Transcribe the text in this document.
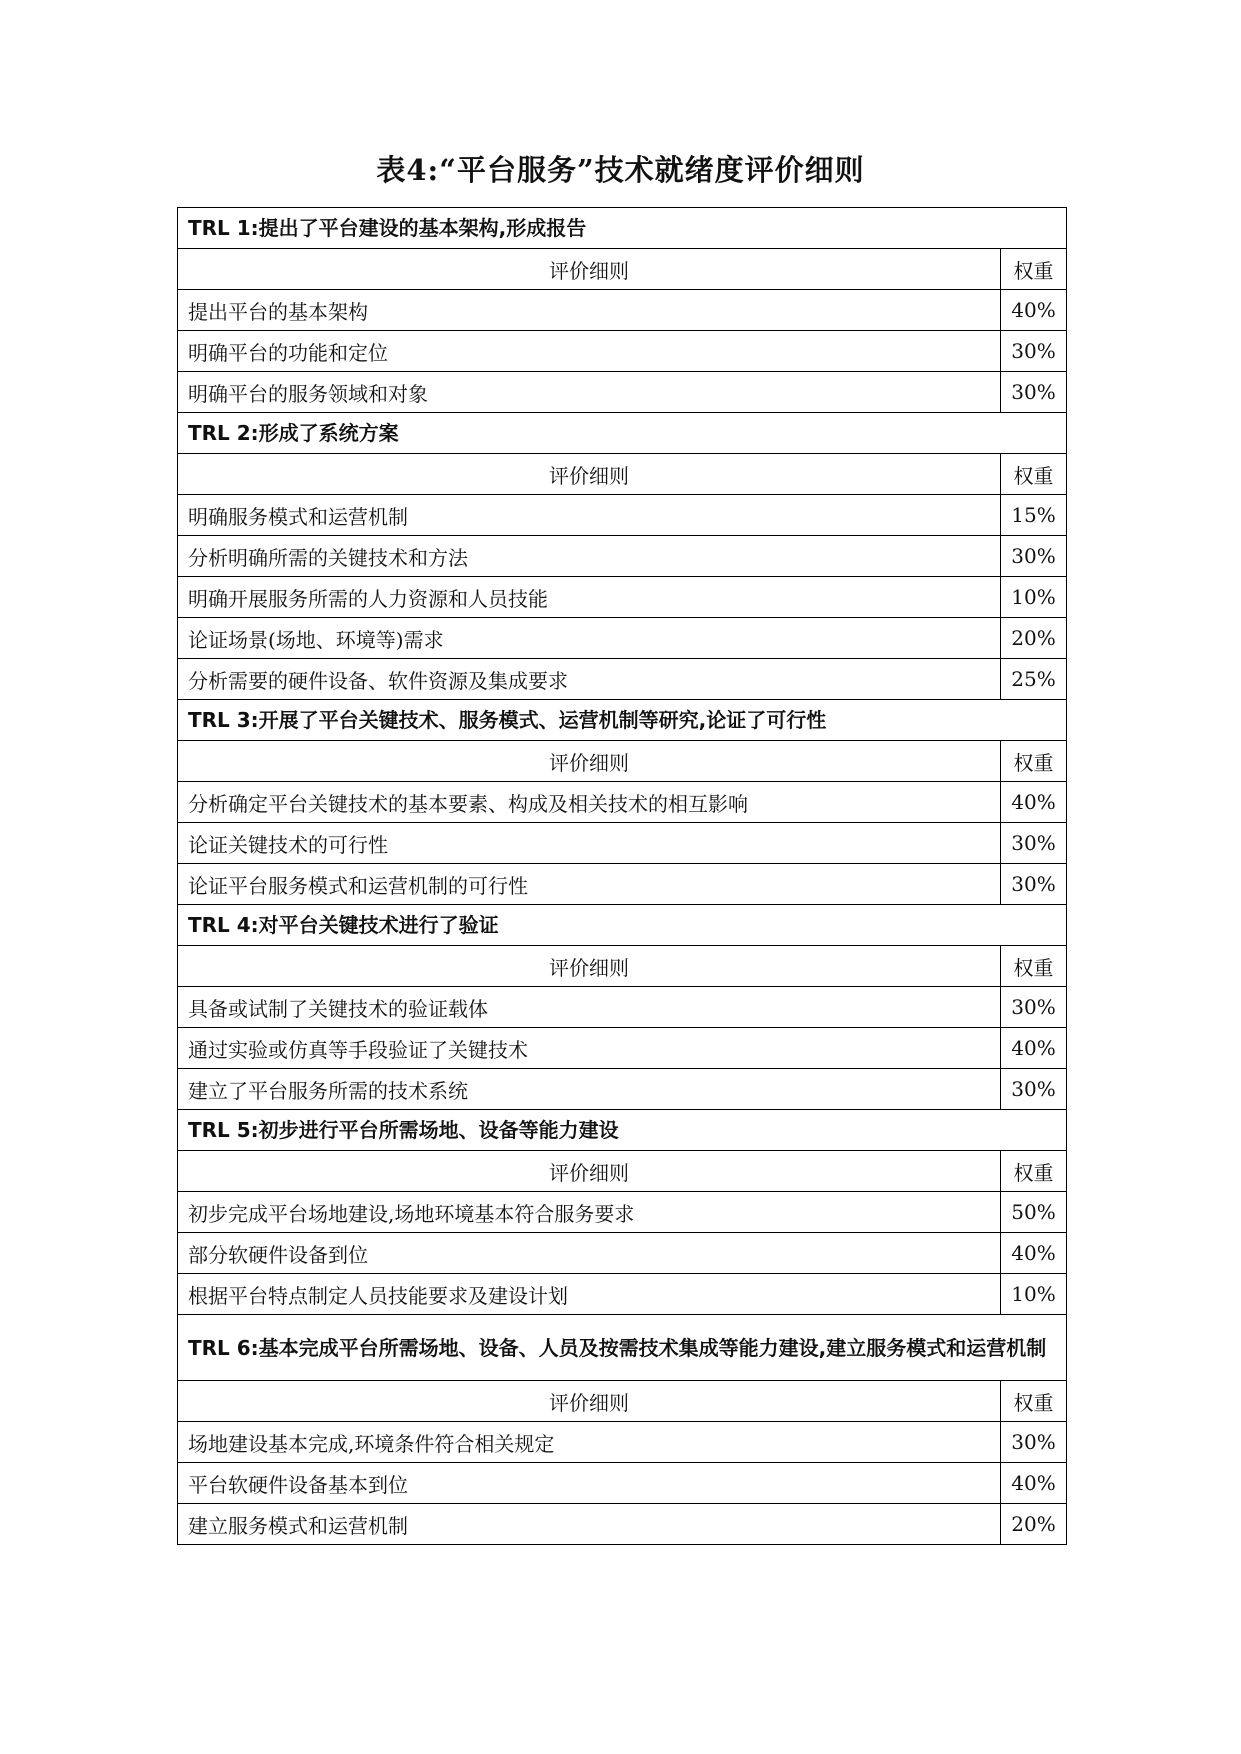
表4:“平台服务”技术就绪度评价细则
TRL 1:提出了平台建设的基本架构,形成报告	
评价细则	权重
提出平台的基本架构	40%
明确平台的功能和定位	30%
明确平台的服务领域和对象	30%
TRL 2:形成了系统方案	
评价细则	权重
明确服务模式和运营机制	15%
分析明确所需的关键技术和方法	30%
明确开展服务所需的人力资源和人员技能	10%
论证场景(场地、环境等)需求	20%
分析需要的硬件设备、软件资源及集成要求	25%
TRL 3:开展了平台关键技术、服务模式、运营机制等研究,论证了可行性	
评价细则	权重
分析确定平台关键技术的基本要素、构成及相关技术的相互影响	40%
论证关键技术的可行性	30%
论证平台服务模式和运营机制的可行性	30%
TRL 4:对平台关键技术进行了验证	
评价细则	权重
具备或试制了关键技术的验证载体	30%
通过实验或仿真等手段验证了关键技术	40%
建立了平台服务所需的技术系统	30%
TRL 5:初步进行平台所需场地、设备等能力建设	
评价细则	权重
初步完成平台场地建设,场地环境基本符合服务要求	50%
部分软硬件设备到位	40%
根据平台特点制定人员技能要求及建设计划	10%
TRL 6:基本完成平台所需场地、设备、人员及按需技术集成等能力建设,建立服务模式和运营机制	
评价细则	权重
场地建设基本完成,环境条件符合相关规定	30%
平台软硬件设备基本到位	40%
建立服务模式和运营机制	20%
